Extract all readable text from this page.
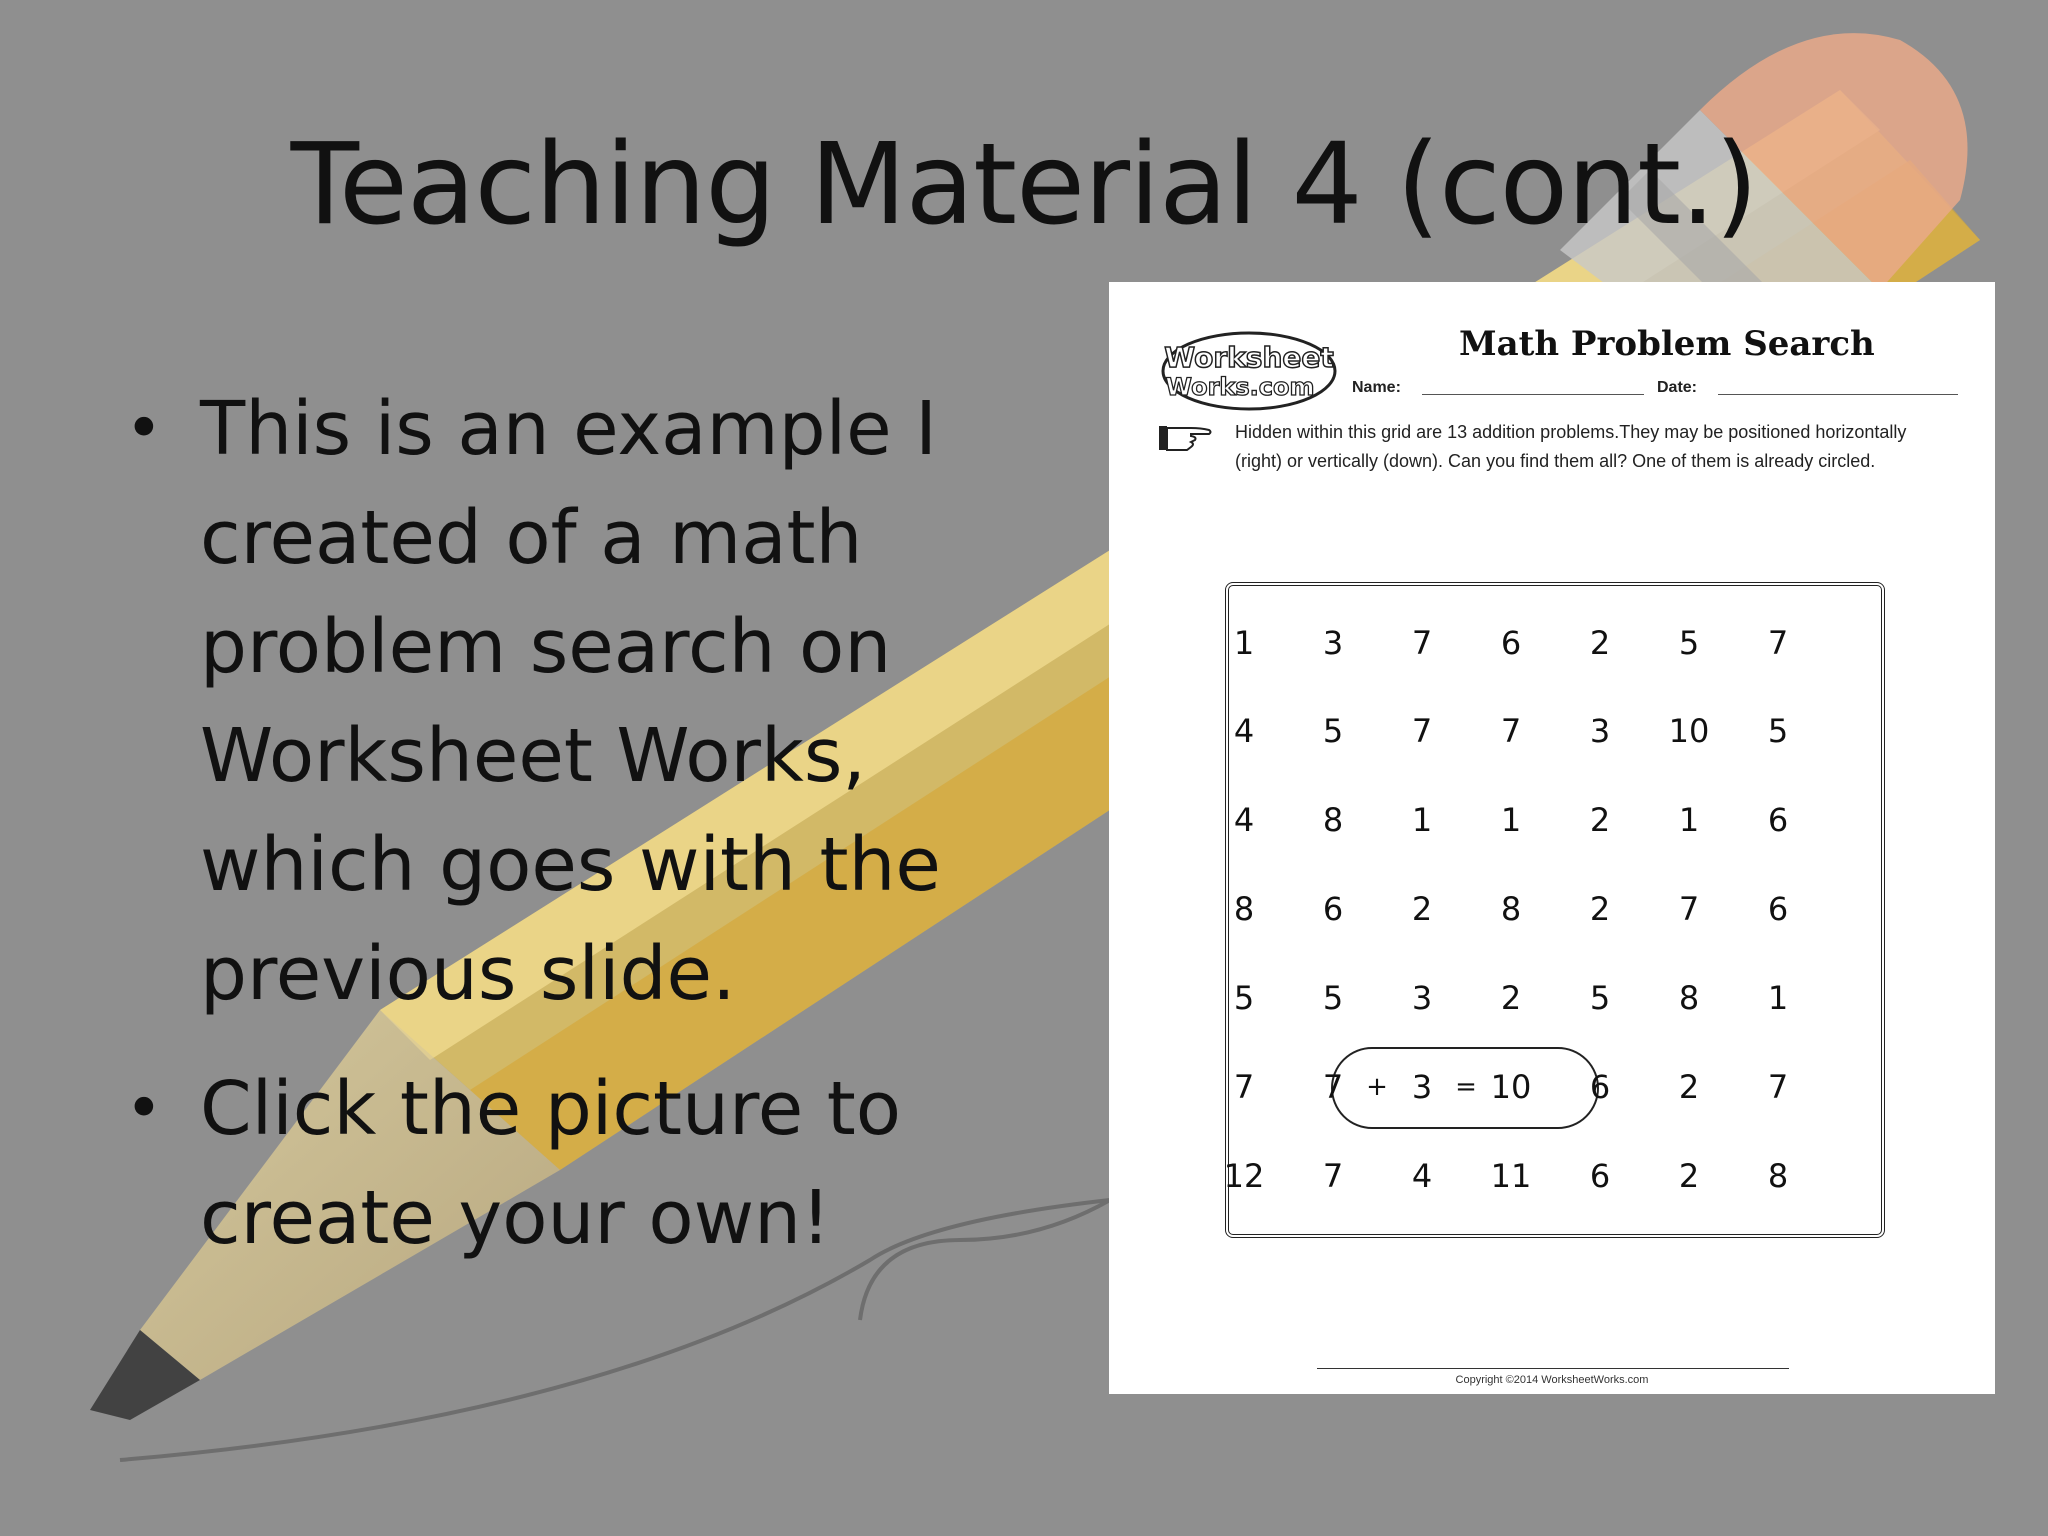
Teaching Material 4 (cont.)
• This is an example I created of a math problem search on Worksheet Works, which goes with the previous slide.
• Click the picture to create your own!
Worksheet
Works.com
Math Problem Search
Name:	Date:
Hidden within this grid are 13 addition problems.They may be positioned horizontally (right) or vertically (down). Can you find them all? One of them is already circled.
1	3	7	6	2	5	7
4	5	7	7	3	10	5
4	8	1	1	2	1	6
8	6	2	8	2	7	6
5	5	3	2	5	8	1
7	7	3	10	6	2	7
12	7	4	11	6	2	8
+	=
Copyright ©2014 WorksheetWorks.com
